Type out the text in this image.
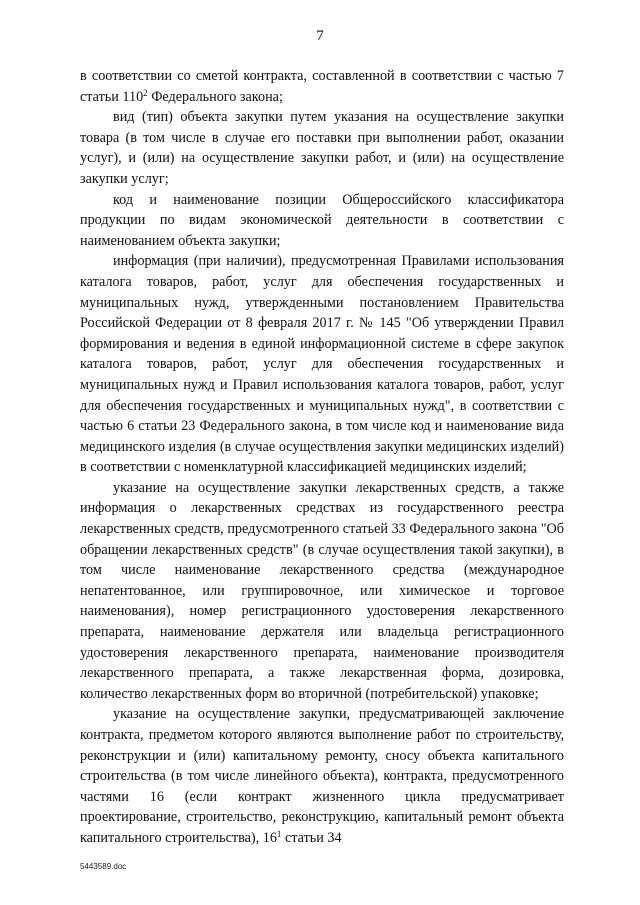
7

в соответствии со сметой контракта, составленной в соответствии с частью 7 статьи $110^2$ Федерального закона;

вид (тип) объекта закупки путем указания на осуществление закупки товара (в том числе в случае его поставки при выполнении работ, оказании услуг), и (или) на осуществление закупки работ, и (или) на осуществление закупки услуг;

код и наименование позиции Общероссийского классификатора продукции по видам экономической деятельности в соответствии с наименованием объекта закупки;

информация (при наличии), предусмотренная Правилами использования каталога товаров, работ, услуг для обеспечения государственных и муниципальных нужд, утвержденными постановлением Правительства Российской Федерации от 8 февраля 2017 г. № 145 "Об утверждении Правил формирования и ведения в единой информационной системе в сфере закупок каталога товаров, работ, услуг для обеспечения государственных и муниципальных нужд и Правил использования каталога товаров, работ, услуг для обеспечения государственных и муниципальных нужд", в соответствии с частью 6 статьи 23 Федерального закона, в том числе код и наименование вида медицинского изделия (в случае осуществления закупки медицинских изделий) в соответствии с номенклатурной классификацией медицинских изделий;

указание на осуществление закупки лекарственных средств, а также информация о лекарственных средствах из государственного реестра лекарственных средств, предусмотренного статьей 33 Федерального закона "Об обращении лекарственных средств" (в случае осуществления такой закупки), в том числе наименование лекарственного средства (международное непатентованное, или группировочное, или химическое и торговое наименования), номер регистрационного удостоверения лекарственного препарата, наименование держателя или владельца регистрационного удостоверения лекарственного препарата, наименование производителя лекарственного препарата, а также лекарственная форма, дозировка, количество лекарственных форм во вторичной (потребительской) упаковке;

указание на осуществление закупки, предусматривающей заключение контракта, предметом которого являются выполнение работ по строительству, реконструкции и (или) капитальному ремонту, сносу объекта капитального строительства (в том числе линейного объекта), контракта, предусмотренного частями 16 (если контракт жизненного цикла предусматривает проектирование, строительство, реконструкцию, капитальный ремонт объекта капитального строительства), $16^1$ статьи 34

5443589.doc
